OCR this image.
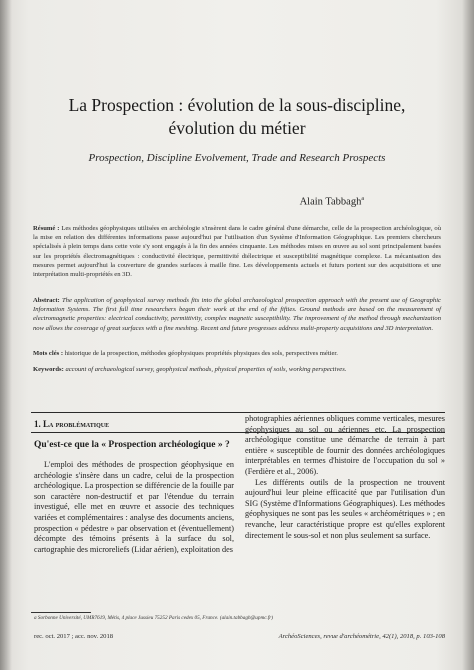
La Prospection : évolution de la sous-discipline,
évolution du métier
Prospection, Discipline Evolvement, Trade and Research Prospects
Alain Tabbagh$^a$
Résumé : Les méthodes géophysiques utilisées en archéologie s'insèrent dans le cadre général d'une démarche, celle de la prospection archéologique, où la mise en relation des différentes informations passe aujourd'hui par l'utilisation d'un Système d'Information Géographique. Les premiers chercheurs spécialisés à plein temps dans cette voie s'y sont engagés à la fin des années cinquante. Les méthodes mises en œuvre au sol sont principalement basées sur les propriétés électromagnétiques : conductivité électrique, permittivité diélectrique et susceptibilité magnétique complexe. La mécanisation des mesures permet aujourd'hui la couverture de grandes surfaces à maille fine. Les développements actuels et futurs portent sur des acquisitions et une interprétation multi-propriétés en 3D.
Abstract: The application of geophysical survey methods fits into the global archaeological prospection approach with the present use of Geographic Information Systems. The first full time researchers began their work at the end of the fifties. Ground methods are based on the measurement of electromagnetic properties: electrical conductivity, permittivity, complex magnetic susceptibility. The improvement of the method through mechanization now allows the coverage of great surfaces with a fine meshing. Recent and future progresses address multi-property acquisitions and 3D interpretation.
Mots clés : historique de la prospection, méthodes géophysiques propriétés physiques des sols, perspectives métier.
Keywords: account of archaeological survey, geophysical methods, physical properties of soils, working perspectives.
1. La problématique
Qu'est-ce que la « Prospection archéologique » ?

L'emploi des méthodes de prospection géophysique en archéologie s'insère dans un cadre, celui de la prospection archéologique. La prospection se différencie de la fouille par son caractère non-destructif et par l'étendue du terrain investigué, elle met en œuvre et associe des techniques variées et complémentaires : analyse des documents anciens, prospection « pédestre » par observation et (éventuellement) décompte des témoins présents à la surface du sol, cartographie des microreliefs (Lidar aérien), exploitation des

photographies aériennes obliques comme verticales, mesures géophysiques au sol ou aériennes etc. La prospection archéologique constitue une démarche de terrain à part entière « susceptible de fournir des données archéologiques interprétables en termes d'histoire de l'occupation du sol » (Ferdière et al., 2006).

Les différents outils de la prospection ne trouvent aujourd'hui leur pleine efficacité que par l'utilisation d'un SIG (Système d'Informations Géographiques). Les méthodes géophysiques ne sont pas les seules « archéométriques » ; en revanche, leur caractéristique propre est qu'elles explorent directement le sous-sol et non plus seulement sa surface.

a Sorbonne Université, UMR7619, Métis, 4 place Jussieu 75252 Paris cedex 05, France. (alain.tabbagh@upmc.fr)
rec. oct. 2017 ; acc. nov. 2018	ArchéoSciences, revue d'archéométrie, 42(1), 2018, p. 103-108
